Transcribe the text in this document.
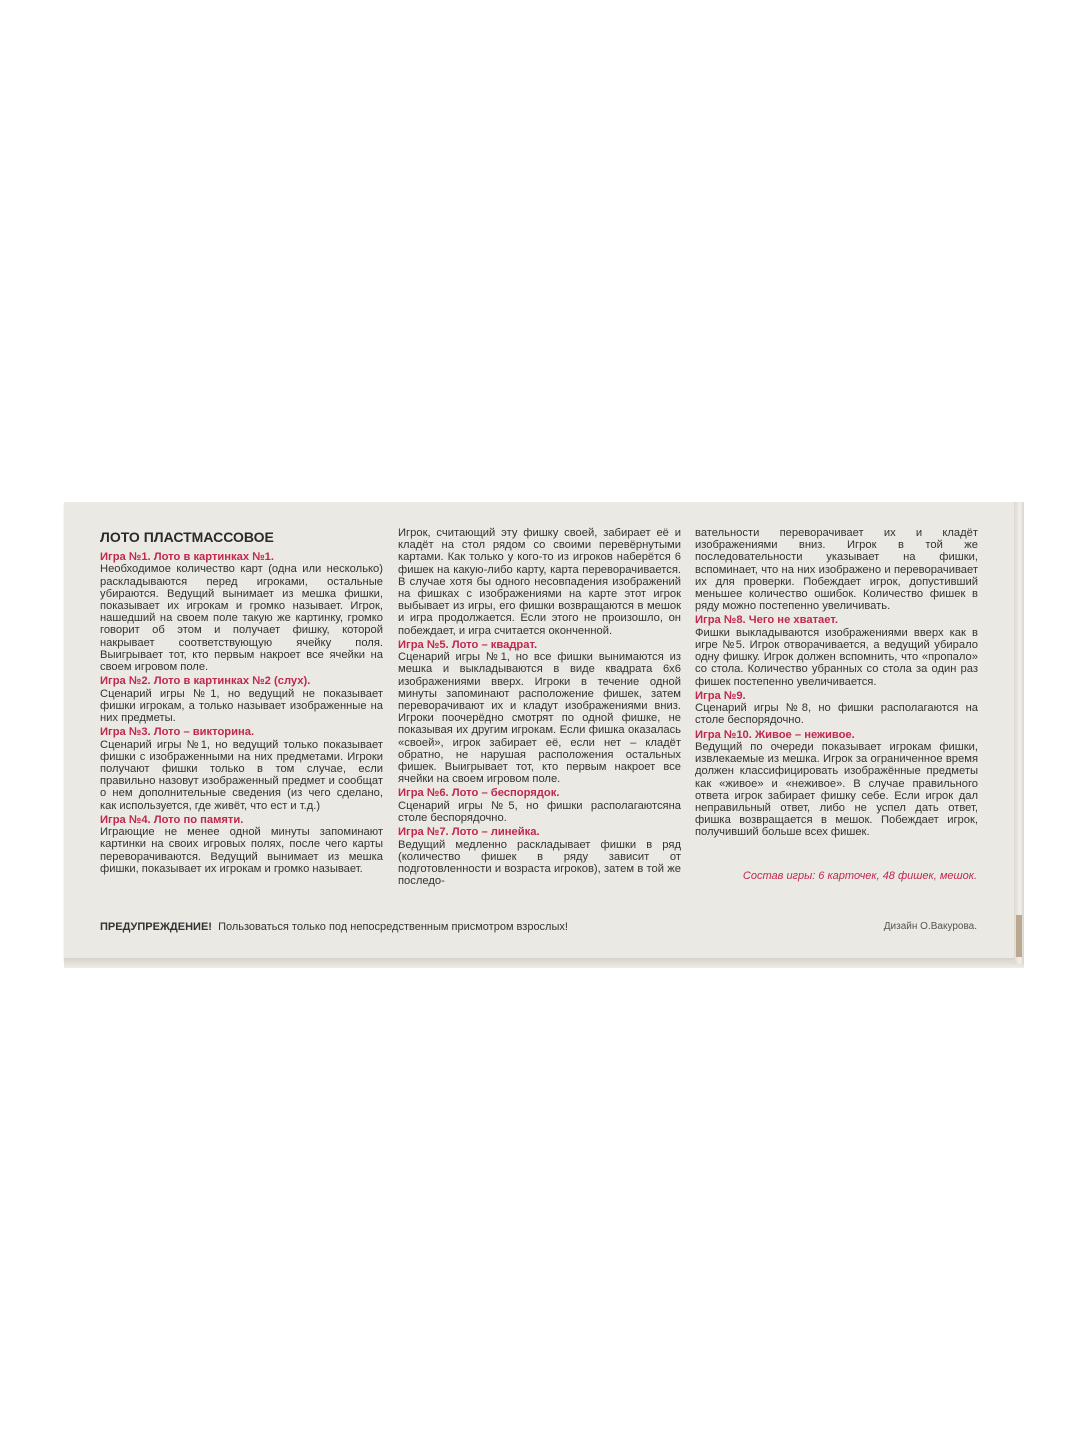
ЛОТО ПЛАСТМАССОВОЕ
Игра №1. Лото в картинках №1.

Необходимое количество карт (одна или несколько) раскладываются перед игроками, остальные убираются. Ведущий вынимает из мешка фишки, показывает их игрокам и громко называет. Игрок, нашедший на своем поле такую же картинку, громко говорит об этом и получает фишку, которой накрывает соответствующую ячейку поля. Выигрывает тот, кто первым накроет все ячейки на своем игровом поле.

Игра №2. Лото в картинках №2 (слух).

Сценарий игры №1, но ведущий не показывает фишки игрокам, а только называет изображенные на них предметы.

Игра №3. Лото – викторина.

Сценарий игры №1, но ведущий только показывает фишки с изображенными на них предметами. Игроки получают фишки только в том случае, если правильно назовут изображенный предмет и сообщат о нем дополнительные сведения (из чего сделано, как используется, где живёт, что ест и т.д.)

Игра №4. Лото по памяти.

Играющие не менее одной минуты запоминают картинки на своих игровых полях, после чего карты переворачиваются. Ведущий вынимает из мешка фишки, показывает их игрокам и громко называет.

Игрок, считающий эту фишку своей, забирает её и кладёт на стол рядом со своими перевёрнутыми картами. Как только у кого-то из игроков наберётся 6 фишек на какую-либо карту, карта переворачивается. В случае хотя бы одного несовпадения изображений на фишках с изображениями на карте этот игрок выбывает из игры, его фишки возвращаются в мешок и игра продолжается. Если этого не произошло, он побеждает, и игра считается оконченной.

Игра №5. Лото – квадрат.

Сценарий игры №1, но все фишки вынимаются из мешка и выкладываются в виде квадрата 6х6 изображениями вверх. Игроки в течение одной минуты запоминают расположение фишек, затем переворачивают их и кладут изображениями вниз. Игроки поочерёдно смотрят по одной фишке, не показывая их другим игрокам. Если фишка оказалась «своей», игрок забирает её, если нет – кладёт обратно, не нарушая расположения остальных фишек. Выигрывает тот, кто первым накроет все ячейки на своем игровом поле.

Игра №6. Лото – беспорядок.

Сценарий игры №5, но фишки располагаютсяна столе беспорядочно.

Игра №7. Лото – линейка.

Ведущий медленно раскладывает фишки в ряд (количество фишек в ряду зависит от подготовленности и возраста игроков), затем в той же последо-

вательности переворачивает их и кладёт изображениями вниз. Игрок в той же последовательности указывает на фишки, вспоминает, что на них изображено и переворачивает их для проверки. Побеждает игрок, допустивший меньшее количество ошибок. Количество фишек в ряду можно постепенно увеличивать.

Игра №8. Чего не хватает.

Фишки выкладываются изображениями вверх как в игре №5. Игрок отворачивается, а ведущий убирало одну фишку. Игрок должен вспомнить, что «пропало» со стола. Количество убранных со стола за один раз фишек постепенно увеличивается.

Игра №9.

Сценарий игры №8, но фишки располагаются на столе беспорядочно.

Игра №10. Живое – неживое.

Ведущий по очереди показывает игрокам фишки, извлекаемые из мешка. Игрок за ограниченное время должен классифицировать изображённые предметы как «живое» и «неживое». В случае правильного ответа игрок забирает фишку себе. Если игрок дал неправильный ответ, либо не успел дать ответ, фишка возвращается в мешок. Побеждает игрок, получивший больше всех фишек.

Состав игры: 6 карточек, 48 фишек, мешок.
ПРЕДУПРЕЖДЕНИЕ! Пользоваться только под непосредственным присмотром взрослых!	Дизайн О.Вакурова.
